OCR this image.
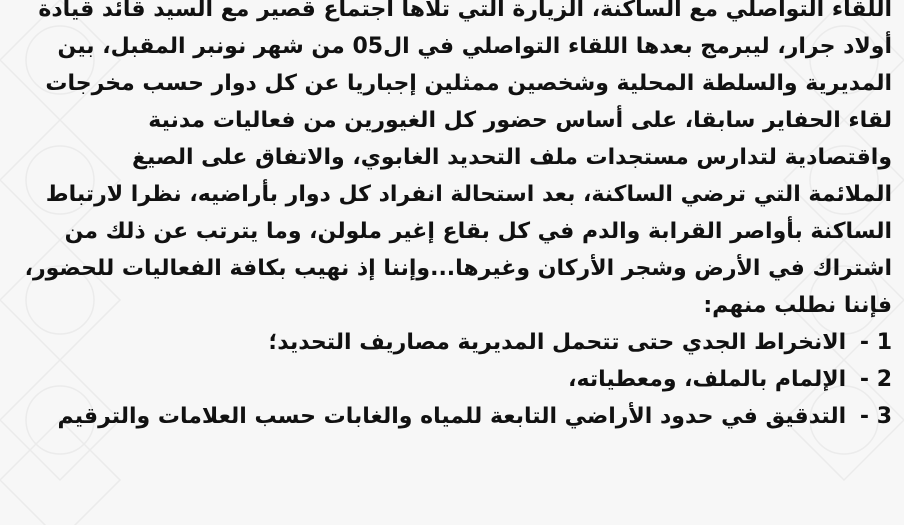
اللقاء التواصلي مع الساكنة، الزيارة التي تلاها اجتماع قصير مع السيد قائد قيادة
أولاد جرار، ليبرمج بعدها اللقاء التواصلي في ال05 من شهر نونبر المقبل، بين
المديرية والسلطة المحلية وشخصين ممثلين إجباريا عن كل دوار حسب مخرجات
لقاء الحفاير سابقا، على أساس حضور كل الغيورين من فعاليات مدنية
واقتصادية لتدارس مستجدات ملف التحديد الغابوي، والاتفاق على الصيغ
الملائمة التي ترضي الساكنة، بعد استحالة انفراد كل دوار بأراضيه، نظرا لارتباط
الساكنة بأواصر القرابة والدم في كل بقاع إغير ملولن، وما يترتب عن ذلك من
اشتراك في الأرض وشجر الأركان وغيرها...وإننا إذ نهيب بكافة الفعاليات للحضور،
فإننا نطلب منهم:
1 - الانخراط الجدي حتى تتحمل المديرية مصاريف التحديد؛
2 - الإلمام بالملف، ومعطياته،
3 - التدقيق في حدود الأراضي التابعة للمياه والغابات حسب العلامات والترقيم
